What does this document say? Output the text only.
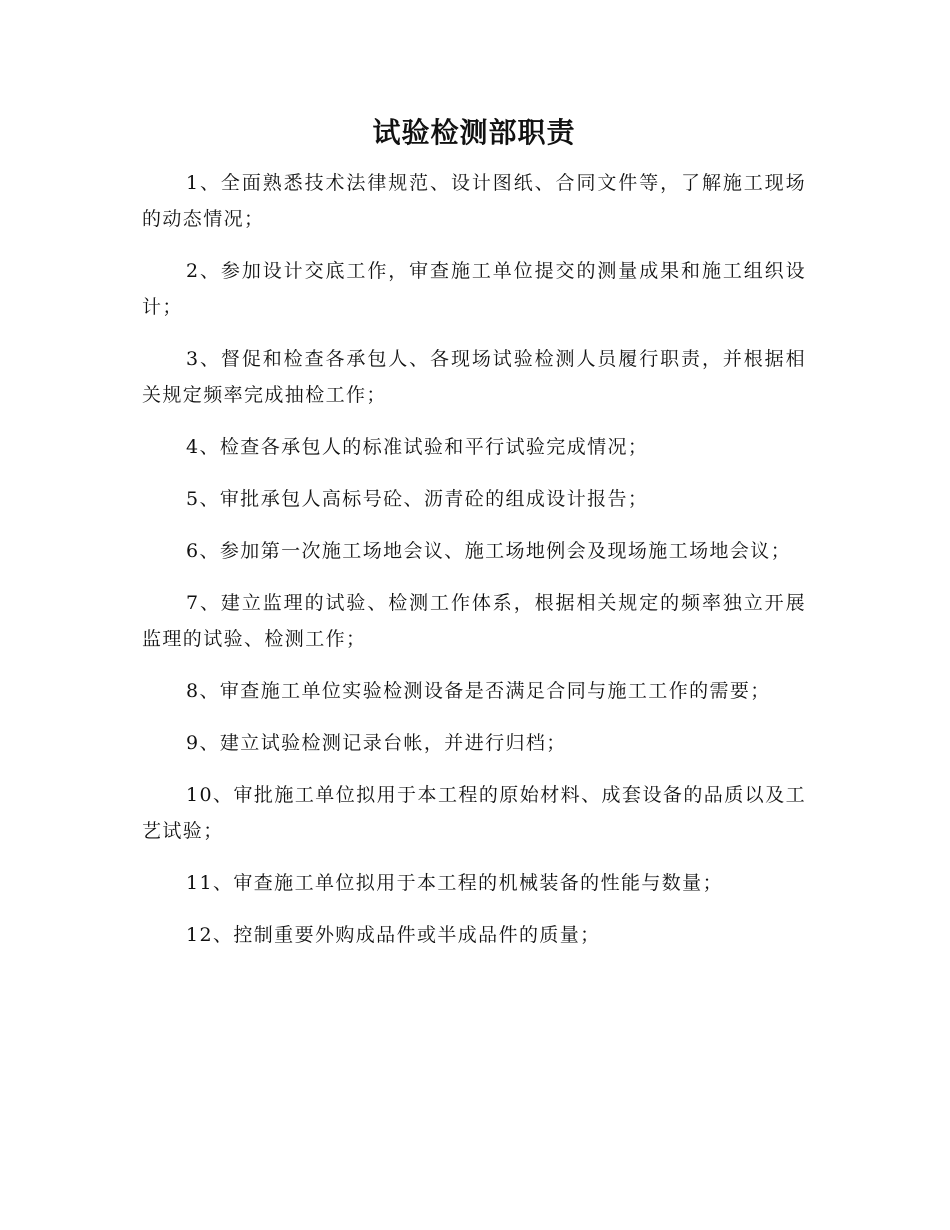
试验检测部职责

1、全面熟悉技术法律规范、设计图纸、合同文件等，了解施工现场的动态情况；

2、参加设计交底工作，审查施工单位提交的测量成果和施工组织设计；

3、督促和检查各承包人、各现场试验检测人员履行职责，并根据相关规定频率完成抽检工作；

4、检查各承包人的标准试验和平行试验完成情况；

5、审批承包人高标号砼、沥青砼的组成设计报告；

6、参加第一次施工场地会议、施工场地例会及现场施工场地会议；

7、建立监理的试验、检测工作体系，根据相关规定的频率独立开展监理的试验、检测工作；

8、审查施工单位实验检测设备是否满足合同与施工工作的需要；

9、建立试验检测记录台帐，并进行归档；

10、审批施工单位拟用于本工程的原始材料、成套设备的品质以及工艺试验；

11、审查施工单位拟用于本工程的机械装备的性能与数量；

12、控制重要外购成品件或半成品件的质量；
